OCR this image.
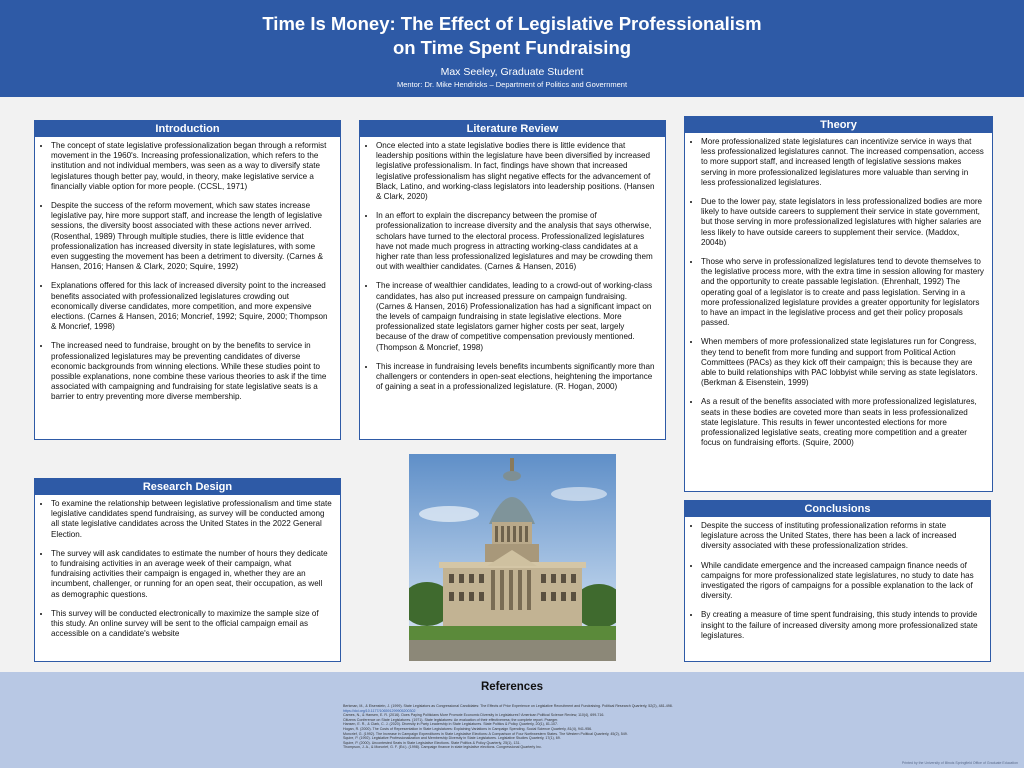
Time Is Money: The Effect of Legislative Professionalism
on Time Spent Fundraising
Max Seeley, Graduate Student
Mentor: Dr. Mike Hendricks – Department of Politics and Government
Introduction
• The concept of state legislative professionalization began through a reformist movement in the 1960's. Increasing professionalization, which refers to the institution and not individual members, was seen as a way to diversify state legislatures though better pay, would, in theory, make legislative service a financially viable option for more people. (CCSL, 1971)
• Despite the success of the reform movement, which saw states increase legislative pay, hire more support staff, and increase the length of legislative sessions, the diversity boost associated with these actions never arrived. (Rosenthal, 1989) Through multiple studies, there is little evidence that professionalization has increased diversity in state legislatures, with some even suggesting the movement has been a detriment to diversity. (Carnes & Hansen, 2016; Hansen & Clark, 2020; Squire, 1992)
• Explanations offered for this lack of increased diversity point to the increased benefits associated with professionalized legislatures crowding out economically diverse candidates, more competition, and more expensive elections. (Carnes & Hansen, 2016; Moncrief, 1992; Squire, 2000; Thompson & Moncrief, 1998)
• The increased need to fundraise, brought on by the benefits to service in professionalized legislatures may be preventing candidates of diverse economic backgrounds from winning elections. While these studies point to possible explanations, none combine these various theories to ask if the time associated with campaigning and fundraising for state legislative seats is a barrier to entry preventing more diverse membership.
Literature Review
• Once elected into a state legislative bodies there is little evidence that leadership positions within the legislature have been diversified by increased legislative professionalism. In fact, findings have shown that increased legislative professionalism has slight negative effects for the advancement of Black, Latino, and working-class legislators into leadership positions. (Hansen & Clark, 2020)
• In an effort to explain the discrepancy between the promise of professionalization to increase diversity and the analysis that says otherwise, scholars have turned to the electoral process. Professionalized legislatures have not made much progress in attracting working-class candidates at a higher rate than less professionalized legislatures and may be crowding them out with wealthier candidates. (Carnes & Hansen, 2016)
• The increase of wealthier candidates, leading to a crowd-out of working-class candidates, has also put increased pressure on campaign fundraising. (Carnes & Hansen, 2016) Professionalization has had a significant impact on the levels of campaign fundraising in state legislative elections. More professionalized state legislators garner higher costs per seat, largely because of the draw of competitive compensation previously mentioned. (Thompson & Moncrief, 1998)
• This increase in fundraising levels benefits incumbents significantly more than challengers or contenders in open-seat elections, heightening the importance of gaining a seat in a professionalized legislature. (R. Hogan, 2000)
Theory
• More professionalized state legislatures can incentivize service in ways that less professionalized legislatures cannot. The increased compensation, access to more support staff, and increased length of legislative sessions makes serving in more professionalized legislatures more valuable than serving in less professionalized legislatures.
• Due to the lower pay, state legislators in less professionalized bodies are more likely to have outside careers to supplement their service in state government, but those serving in more professionalized legislatures with higher salaries are less likely to have outside careers to supplement their service. (Maddox, 2004b)
• Those who serve in professionalized legislatures tend to devote themselves to the legislative process more, with the extra time in session allowing for mastery and the opportunity to create passable legislation. (Ehrenhalt, 1992) The operating goal of a legislator is to create and pass legislation. Serving in a more professionalized legislature provides a greater opportunity for legislators to have an impact in the legislative process and get their policy proposals passed.
• When members of more professionalized state legislatures run for Congress, they tend to benefit from more funding and support from Political Action Committees (PACs) as they kick off their campaign; this is because they are able to build relationships with PAC lobbyist while serving as state legislators. (Berkman & Eisenstein, 1999)
• As a result of the benefits associated with more professionalized legislatures, seats in these bodies are coveted more than seats in less professionalized state legislature. This results in fewer uncontested elections for more professionalized legislative seats, creating more competition and a greater focus on fundraising efforts. (Squire, 2000)
Research Design
• To examine the relationship between legislative professionalism and time state legislative candidates spend fundraising, as survey will be conducted among all state legislative candidates across the United States in the 2022 General Election.
• The survey will ask candidates to estimate the number of hours they dedicate to fundraising activities in an average week of their campaign, what fundraising activities their campaign is engaged in, whether they are an incumbent, challenger, or running for an open seat, their occupation, as well as demographic questions.
• This survey will be conducted electronically to maximize the sample size of this study. An online survey will be sent to the official campaign email as accessible on a candidate's website
Conclusions
• Despite the success of instituting professionalization reforms in state legislature across the United States, there has been a lack of increased diversity associated with these professionalization strides.
• While candidate emergence and the increased campaign finance needs of campaigns for more professionalized state legislatures, no study to date has investigated the rigors of campaigns for a possible explanation to the lack of diversity.
• By creating a measure of time spent fundraising, this study intends to provide insight to the failure of increased diversity among more professionalized state legislatures.
References
Berkman, M., & Eisenstein, J. (1999). State Legislators as Congressional Candidates: The Effects of Prior Experience on Legislative Recruitment and Fundraising. Political Research Quarterly, 52(2), 481-498.
https://doi.org/10.1177/106591299905200302
Carnes, N., & Hansen, E. R. (2016). Does Paying Politicians More Promote Economic Diversity in Legislatures? American Political Science Review, 110(4), 699-716.
Citizens Conference on State Legislatures. (1971). State legislatures: An evaluation of their effectiveness; the complete report. Praeger.
Hansen, E. R., & Clark, C. J. (2020). Diversity in Party Leadership in State Legislatures. State Politics & Policy Quarterly, 20(1), 81-107.
Hogan, R. (2000). The Costs of Representation in State Legislatures: Explaining Variations in Campaign Spending. Social Science Quarterly, 81(4), 941-956.
Moncrief, G. (1992). The Increase in Campaign Expenditures in State Legislative Elections: A Comparison of Four Northwestern States. The Western Political Quarterly, 45(2), 549.
Squire, P. (1992). Legislative Professionalization and Membership Diversity in State Legislatures. Legislative Studies Quarterly, 17(1), 69.
Squire, P. (2000). Uncontested Seats in State Legislative Elections. State Politics & Policy Quarterly, 25(1), 131.
Thompson, J. A., & Moncrief, G. F. (Ed.). (1998). Campaign finance in state legislative elections. Congressional Quarterly Inc.
Printed by the University of Illinois Springfield Office of Graduate Education
